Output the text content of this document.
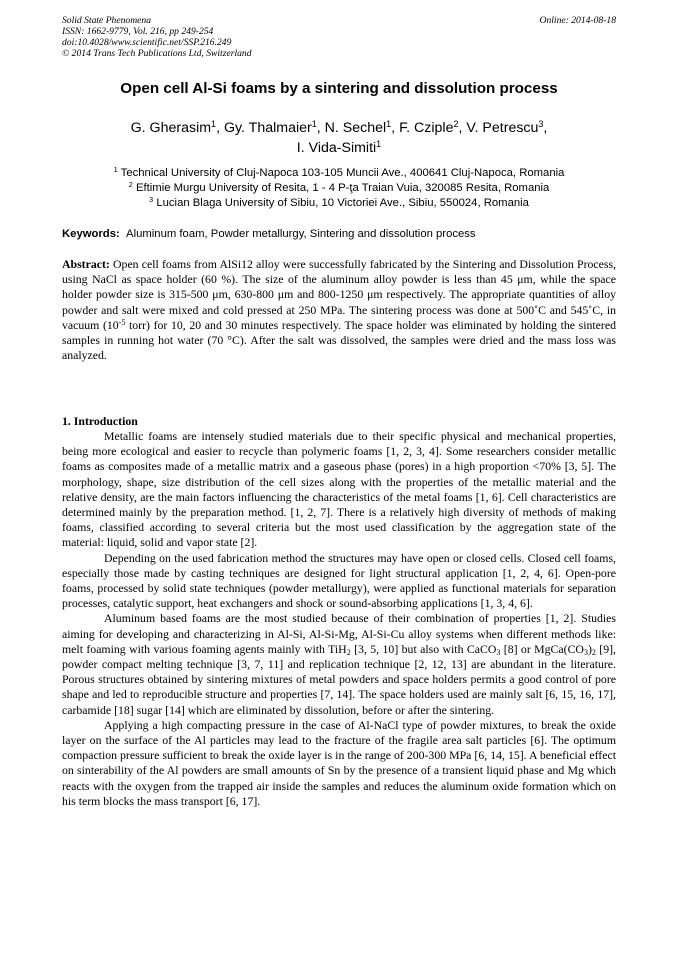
Solid State Phenomena
ISSN: 1662-9779, Vol. 216, pp 249-254
doi:10.4028/www.scientific.net/SSP.216.249
© 2014 Trans Tech Publications Ltd, Switzerland
Online: 2014-08-18
Open cell Al-Si foams by a sintering and dissolution process
G. Gherasim$^1$, Gy. Thalmaier$^1$, N. Sechel$^1$, F. Cziple$^2$, V. Petrescu$^3$,
I. Vida-Simiti$^1$
$^1$ Technical University of Cluj-Napoca 103-105 Muncii Ave., 400641 Cluj-Napoca, Romania
$^2$ Eftimie Murgu University of Resita, 1 - 4 P-ţa Traian Vuia, 320085 Resita, Romania
$^3$ Lucian Blaga University of Sibiu, 10 Victoriei Ave., Sibiu, 550024, Romania
Keywords: Aluminum foam, Powder metallurgy, Sintering and dissolution process
Abstract: Open cell foams from AlSi12 alloy were successfully fabricated by the Sintering and Dissolution Process, using NaCl as space holder (60 %). The size of the aluminum alloy powder is less than 45 μm, while the space holder powder size is 315-500 μm, 630-800 μm and 800-1250 μm respectively. The appropriate quantities of alloy powder and salt were mixed and cold pressed at 250 MPa. The sintering process was done at 500˚C and 545˚C, in vacuum ($10^{-5}$ torr) for 10, 20 and 30 minutes respectively. The space holder was eliminated by holding the sintered samples in running hot water (70 °C). After the salt was dissolved, the samples were dried and the mass loss was analyzed.
1. Introduction

Metallic foams are intensely studied materials due to their specific physical and mechanical properties, being more ecological and easier to recycle than polymeric foams [1, 2, 3, 4]. Some researchers consider metallic foams as composites made of a metallic matrix and a gaseous phase (pores) in a high proportion <70% [3, 5]. The morphology, shape, size distribution of the cell sizes along with the properties of the metallic material and the relative density, are the main factors influencing the characteristics of the metal foams [1, 6]. Cell characteristics are determined mainly by the preparation method. [1, 2, 7]. There is a relatively high diversity of methods of making foams, classified according to several criteria but the most used classification by the aggregation state of the material: liquid, solid and vapor state [2].

Depending on the used fabrication method the structures may have open or closed cells. Closed cell foams, especially those made by casting techniques are designed for light structural application [1, 2, 4, 6]. Open-pore foams, processed by solid state techniques (powder metallurgy), were applied as functional materials for separation processes, catalytic support, heat exchangers and shock or sound-absorbing applications [1, 3, 4, 6].

Aluminum based foams are the most studied because of their combination of properties [1, 2]. Studies aiming for developing and characterizing in Al-Si, Al-Si-Mg, Al-Si-Cu alloy systems when different methods like: melt foaming with various foaming agents mainly with TiH$_2$ [3, 5, 10] but also with CaCO$_3$ [8] or $MgCa(CO_3)_2$ [9], powder compact melting technique [3, 7, 11] and replication technique [2, 12, 13] are abundant in the literature. Porous structures obtained by sintering mixtures of metal powders and space holders permits a good control of pore shape and led to reproducible structure and properties [7, 14]. The space holders used are mainly salt [6, 15, 16, 17], carbamide [18] sugar [14] which are eliminated by dissolution, before or after the sintering.

Applying a high compacting pressure in the case of Al-NaCl type of powder mixtures, to break the oxide layer on the surface of the Al particles may lead to the fracture of the fragile area salt particles [6]. The optimum compaction pressure sufficient to break the oxide layer is in the range of 200-300 MPa [6, 14, 15]. A beneficial effect on sinterability of the Al powders are small amounts of Sn by the presence of a transient liquid phase and Mg which reacts with the oxygen from the trapped air inside the samples and reduces the aluminum oxide formation which on his term blocks the mass transport [6, 17].
